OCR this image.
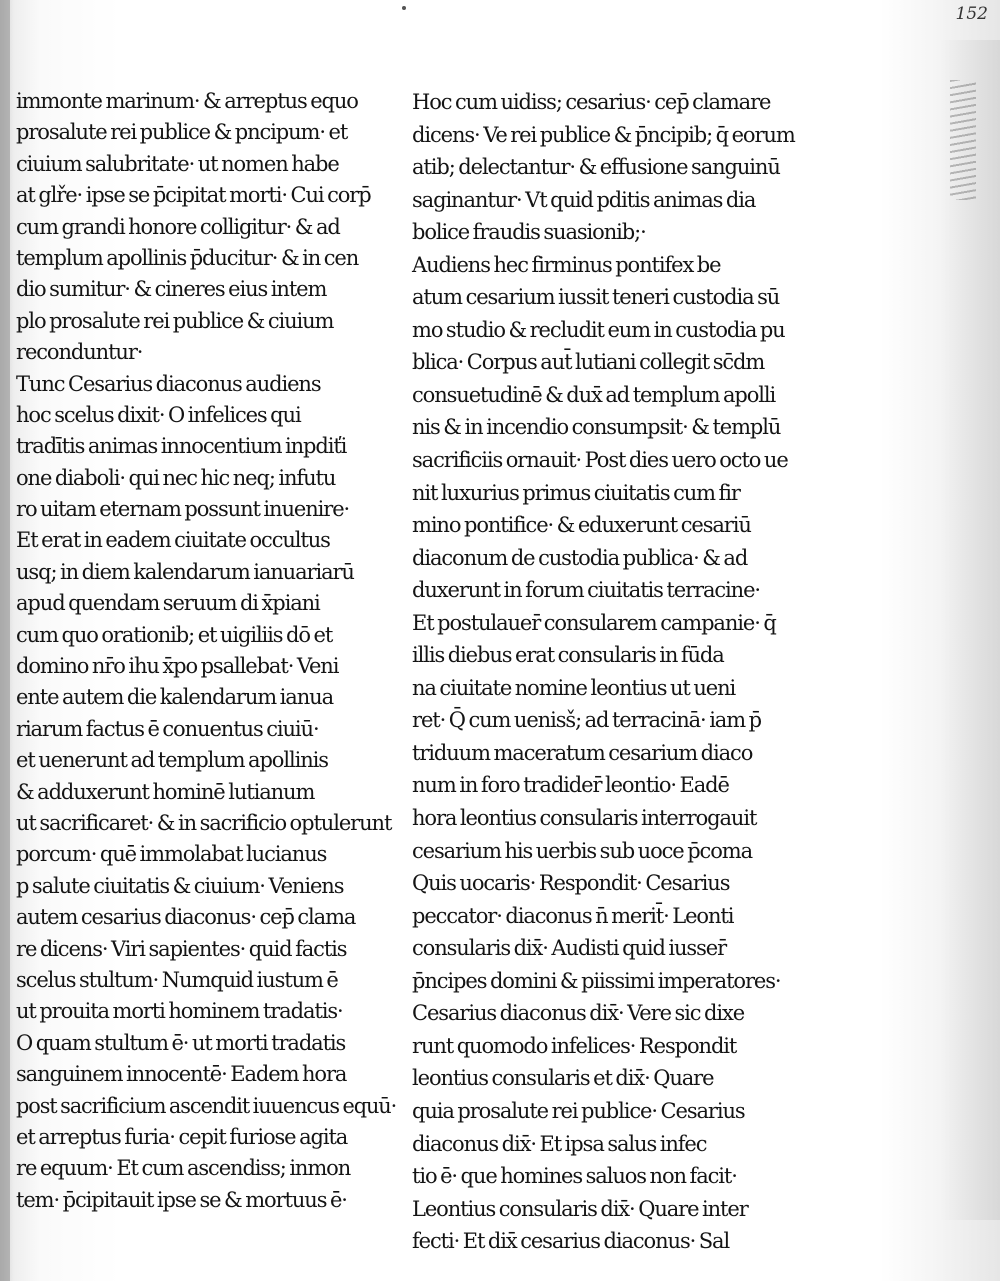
152
immonte marinum· & arreptus equo
prosalute rei publice & pncipum· et
ciuium salubritate· ut nomen habe
at glře· ipse se p̄cipitat morti· Cui corp̄
cum grandi honore colligitur· & ad
templum apollinis p̄ducitur· & in cen
dio sumitur· & cineres eius intem
plo prosalute rei publice & ciuium
reconduntur·
Tunc Cesarius diaconus audiens
hoc scelus dixit· O infelices qui
tradītis animas innocentium inpdiťi
one diaboli· qui nec hic neq; infutu
ro uitam eternam possunt inuenire·
Et erat in eadem ciuitate occultus
usq; in diem kalendarum ianuariarū
apud quendam seruum di x̄piani
cum quo orationib; et uigiliis dō et
domino nr̄o ihu x̄po psallebat· Veni
ente autem die kalendarum ianua
riarum factus ē conuentus ciuiū·
et uenerunt ad templum apollinis
& adduxerunt hominē lutianum
ut sacrificaret· & in sacrificio optulerunt
porcum· quē immolabat lucianus
p salute ciuitatis & ciuium· Veniens
autem cesarius diaconus· cep̄ clama
re dicens· Viri sapientes· quid factis
scelus stultum· Numquid iustum ē
ut prouita morti hominem tradatis·
O quam stultum ē· ut morti tradatis
sanguinem innocentē· Eadem hora
post sacrificium ascendit iuuencus equū·
et arreptus furia· cepit furiose agita
re equum· Et cum ascendiss; inmon
tem· p̄cipitauit ipse se & mortuus ē·
Hoc cum uidiss; cesarius· cep̄ clamare
dicens· Ve rei publice & p̄ncipib; q̄ eorum
atib; delectantur· & effusione sanguinū
saginantur· Vt quid pditis animas dia
bolice fraudis suasionib;·
Audiens hec firminus pontifex be
atum cesarium iussit teneri custodia sū
mo studio & recludit eum in custodia pu
blica· Corpus aut̄ lutiani collegit sc̄dm
consuetudinē & dux̄ ad templum apolli
nis & in incendio consumpsit· & templū
sacrificiis ornauit· Post dies uero octo ue
nit luxurius primus ciuitatis cum fir
mino pontifice· & eduxerunt cesariū
diaconum de custodia publica· & ad
duxerunt in forum ciuitatis terracine·
Et postulauer̄ consularem campanie· q̄
illis diebus erat consularis in fūda
na ciuitate nomine leontius ut ueni
ret· Q̄ cum uenisš; ad terracinā· iam p̄
triduum maceratum cesarium diaco
num in foro tradider̄ leontio· Eadē
hora leontius consularis interrogauit
cesarium his uerbis sub uoce p̄coma
Quis uocaris· Respondit· Cesarius
peccator· diaconus n̄ merit̄· Leonti
consularis dix̄· Audisti quid iusser̄
p̄ncipes domini & piissimi imperatores·
Cesarius diaconus dix̄· Vere sic dixe
runt quomodo infelices· Respondit
leontius consularis et dix̄· Quare
quia prosalute rei publice· Cesarius
diaconus dix̄· Et ipsa salus infec
tio ē· que homines saluos non facit·
Leontius consularis dix̄· Quare inter
fecti· Et dix̄ cesarius diaconus· Sal
